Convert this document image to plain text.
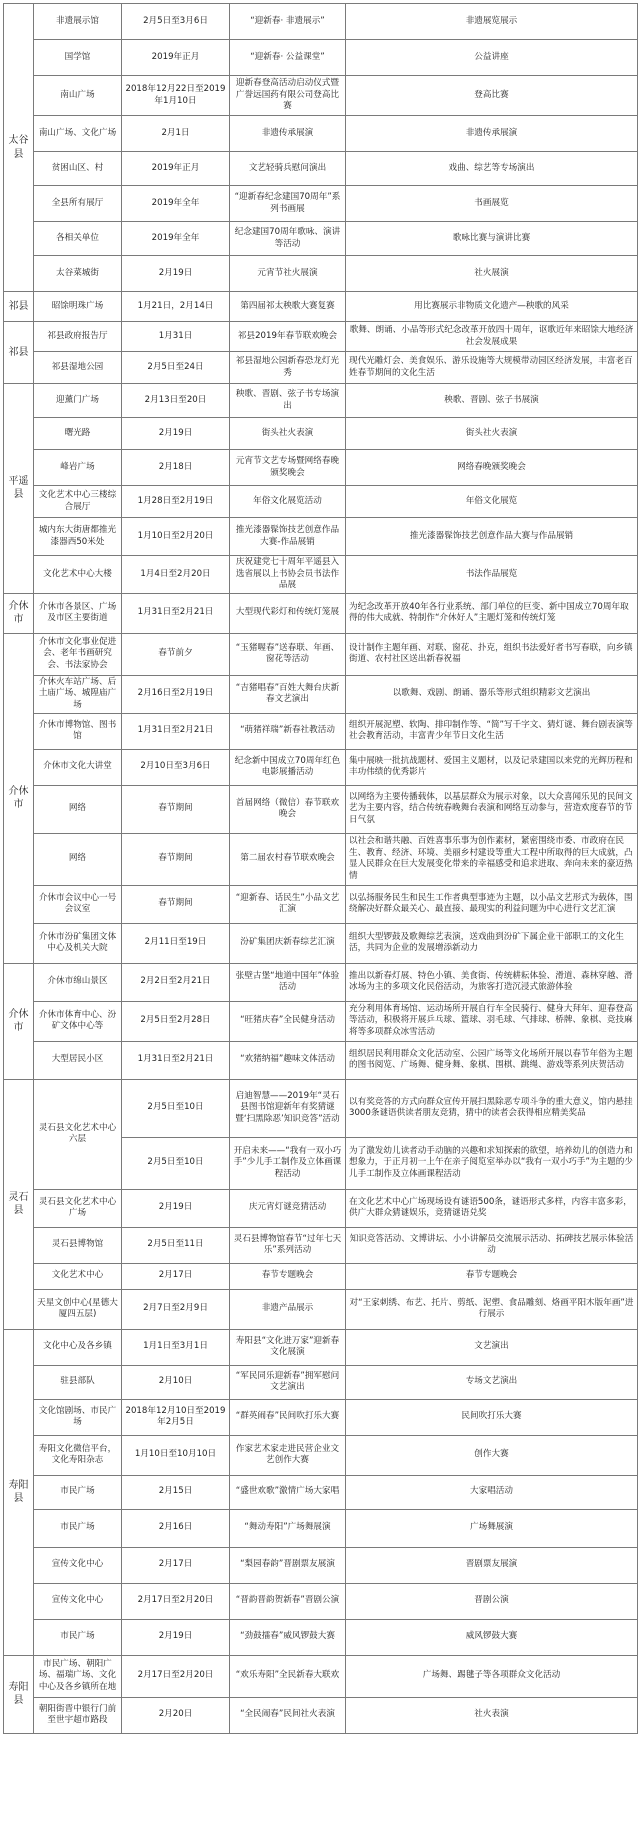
太谷县	非遗展示馆	2月5日至3月6日	“迎新春· 非遗展示”	非遗展览展示
	国学馆	2019年正月	“迎新春· 公益课堂”	公益讲座
	南山广场	2018年12月22日至2019年1月10日	迎新春登高活动启动仪式暨广誉远国药有限公司登高比赛	登高比赛
	南山广场、文化广场	2月1日	非遗传承展演	非遗传承展演
	贫困山区、村	2019年正月	文艺轻骑兵慰问演出	戏曲、综艺等专场演出
	全县所有展厅	2019年全年	“迎新春纪念建国70周年”系列书画展	书画展览
	各相关单位	2019年全年	纪念建国70周年歌咏、演讲等活动	歌咏比赛与演讲比赛
	太谷菜城街	2月19日	元宵节社火展演	社火展演
祁县	昭馀明珠广场	1月21日，2月14日	第四届祁太秧歌大赛复赛	用比赛展示非物质文化遗产—秧歌的风采
祁县	祁县政府报告厅	1月31日	祁县2019年春节联欢晚会	歌舞、朗诵、小品等形式纪念改革开放四十周年，讴歌近年来昭馀大地经济社会发展成果
	祁县湿地公园	2月5日至24日	祁县湿地公园新春恐龙灯光秀	现代光雕灯会、美食娱乐、游乐设施等大规模带动园区经济发展，丰富老百姓春节期间的文化生活
平遥县	迎薰门广场	2月13日至20日	秧歌、晋剧、弦子书专场演出	秧歌、晋剧、弦子书展演
	曙光路	2月19日	街头社火表演	街头社火表演
	峰岩广场	2月18日	元宵节文艺专场暨网络春晚颁奖晚会	网络春晚颁奖晚会
	文化艺术中心三楼综合展厅	1月28日至2月19日	年俗文化展览活动	年俗文化展览
	城内东大街唐都推光漆器西50米处	1月10日至2月20日	推光漆器髹饰技艺创意作品大赛-作品展销	推光漆器髹饰技艺创意作品大赛与作品展销
	文化艺术中心大楼	1月4日至2月20日	庆祝建党七十周年平遥县入选省展以上书协会员书法作品展	书法作品展览
介休市	介休市各景区、广场及市区主要街道	1月31日至2月21日	大型现代彩灯和传统灯笼展	为纪念改革开放40年各行业系统、部门单位的巨变、新中国成立70周年取得的伟大成就、特制作“介休好人”主题灯笼和传统灯笼
介休市	介休市文化事业促进会、老年书画研究会、书法家协会	春节前夕	“玉猪喔春”送春联、年画、窗花等活动	设计制作主题年画、对联、窗花、扑克，组织书法爱好者书写春联，向乡镇街道、农村社区送出新春祝福
	介休火车站广场、后土庙广场、城隍庙广场	2月16日至2月19日	“吉猪唱春”百姓大舞台庆新春文艺演出	以歌舞、戏剧、朗诵、器乐等形式组织精彩文艺演出
	介休市博物馆、图书馆	1月31日至2月21日	“萌猪祥瑞”新春社教活动	组织开展泥塑、软陶、排印制作等、“简”写千字文、猜灯谜、舞台剧表演等社会教育活动，丰富青少年节日文化生活
	介休市文化大讲堂	2月10日至3月6日	纪念新中国成立70周年红色电影展播活动	集中展映一批抗战题材、爱国主义题材，以及记录建国以来党的光辉历程和丰功伟绩的优秀影片
	网络	春节期间	首届网络（微信）春节联欢晚会	以网络为主要传播载体，以基层群众为展示对象，以大众喜闻乐见的民间文艺为主要内容，结合传统春晚舞台表演和网络互动参与，营造欢度春节的节日气氛
	网络	春节期间	第二届农村春节联欢晚会	以社会和谐共融、百姓喜事乐事为创作素材，紧密围绕市委、市政府在民生、教育、经济、环境、美丽乡村建设等重大工程中所取得的巨大成就，凸显人民群众在巨大发展变化带来的幸福感受和追求进取、奔向未来的豪迈热情
	介休市会议中心一号会议室	春节期间	“迎新春、话民生”小品文艺汇演	以弘扬服务民生和民生工作者典型事迹为主题，以小品文艺形式为载体，围绕解决好群众最关心、最直接、最现实的利益问题为中心进行文艺汇演
	介休市汾矿集团文体中心及机关大院	2月11日至19日	汾矿集团庆新春综艺汇演	组织大型锣鼓及歌舞综艺表演，送戏曲到汾矿下属企业干部职工的文化生活，共同为企业的发展增添新动力
介休市	介休市绵山景区	2月2日至2月21日	张壁古堡“地道中国年”体验活动	推出以新春灯展、特色小镇、美食街、传统耕耘体验、滑道、森林穿越、滑冰场为主的多项文化民俗活动，为旅客打造沉浸式旅游体验
	介休市体育中心、汾矿文体中心等	2月5日至2月28日	“旺猪庆春”全民健身活动	充分利用体育场馆、运动场所开展自行车全民骑行、健身大拜年、迎春登高等活动，积极将开展乒乓球、篮球、羽毛球、气排球、桥牌、象棋、竞技麻将等多项群众冰雪活动
	大型居民小区	1月31日至2月21日	“欢猪纳福”趣味文体活动	组织居民利用群众文化活动室、公园广场等文化场所开展以春节年俗为主题的图书阅览、广场舞、健身舞、象棋、围棋、跳绳、游戏等系列庆贺活动
灵石县	灵石县文化艺术中心六层	2月5日至10日	启迪智慧——2019年“灵石县图书馆迎新年有奖猜谜暨‘扫黑除恶’知识竞答”活动	以有奖竞答的方式向群众宣传开展扫黑除恶专项斗争的重大意义，馆内悬挂3000条谜语供读者朋友竞猜，猜中的读者会获得相应精美奖品
		2月5日至10日	开启未来——“我有一双小巧手”少儿手工制作及立体画课程活动	为了激发幼儿读者动手动脑的兴趣和求知探索的欲望，培养幼儿的创造力和想象力，于正月初一上午在亲子阅览室举办以“我有一双小巧手”为主题的少儿手工制作及立体画课程活动
	灵石县文化艺术中心广场	2月19日	庆元宵灯谜竞猜活动	在文化艺术中心广场现场设有谜语500条，谜语形式多样，内容丰富多彩，供广大群众猜谜娱乐，竞猜谜语兑奖
	灵石县博物馆	2月5日至11日	灵石县博物馆春节“过年七天乐”系列活动	知识竞答活动、文博讲坛、小小讲解员交流展示活动、拓碑技艺展示体验活动
	文化艺术中心	2月17日	春节专题晚会	春节专题晚会
	天星文创中心(星德大厦四五层)	2月7日至2月9日	非遗产品展示	对“王家刺绣、布艺、托片、剪纸、泥塑、食品雕刻、烙画平阳木版年画”进行展示
寿阳县	文化中心及各乡镇	1月1日至3月1日	寿阳县“文化进万家”迎新春文化展演	文艺演出
	驻县部队	2月10日	“军民同乐迎新春”拥军慰问文艺演出	专场文艺演出
	文化馆剧场、市民广场	2018年12月10日至2019年2月5日	“群英闹春”民间吹打乐大赛	民间吹打乐大赛
	寿阳文化微信平台，文化寿阳杂志	1月10日至10月10日	作家艺术家走进民营企业文艺创作大赛	创作大赛
	市民广场	2月15日	“盛世欢歌”激情广场大家唱	大家唱活动
	市民广场	2月16日	“舞动寿阳”广场舞展演	广场舞展演
	宣传文化中心	2月17日	“梨园春韵”晋剧票友展演	晋剧票友展演
	宣传文化中心	2月17日至2月20日	“晋韵晋韵贺新春”晋剧公演	晋剧公演
	市民广场	2月19日	“劲鼓擂春”威风锣鼓大赛	威风锣鼓大赛
寿阳县	市民广场、朝阳广场、福瑞广场、文化中心及各乡镇所在地	2月17日至2月20日	“欢乐寿阳”全民新春大联欢	广场舞、踢毽子等各项群众文化活动
	朝阳街晋中银行门前至世宇超市路段	2月20日	“全民闹春”民间社火表演	社火表演
